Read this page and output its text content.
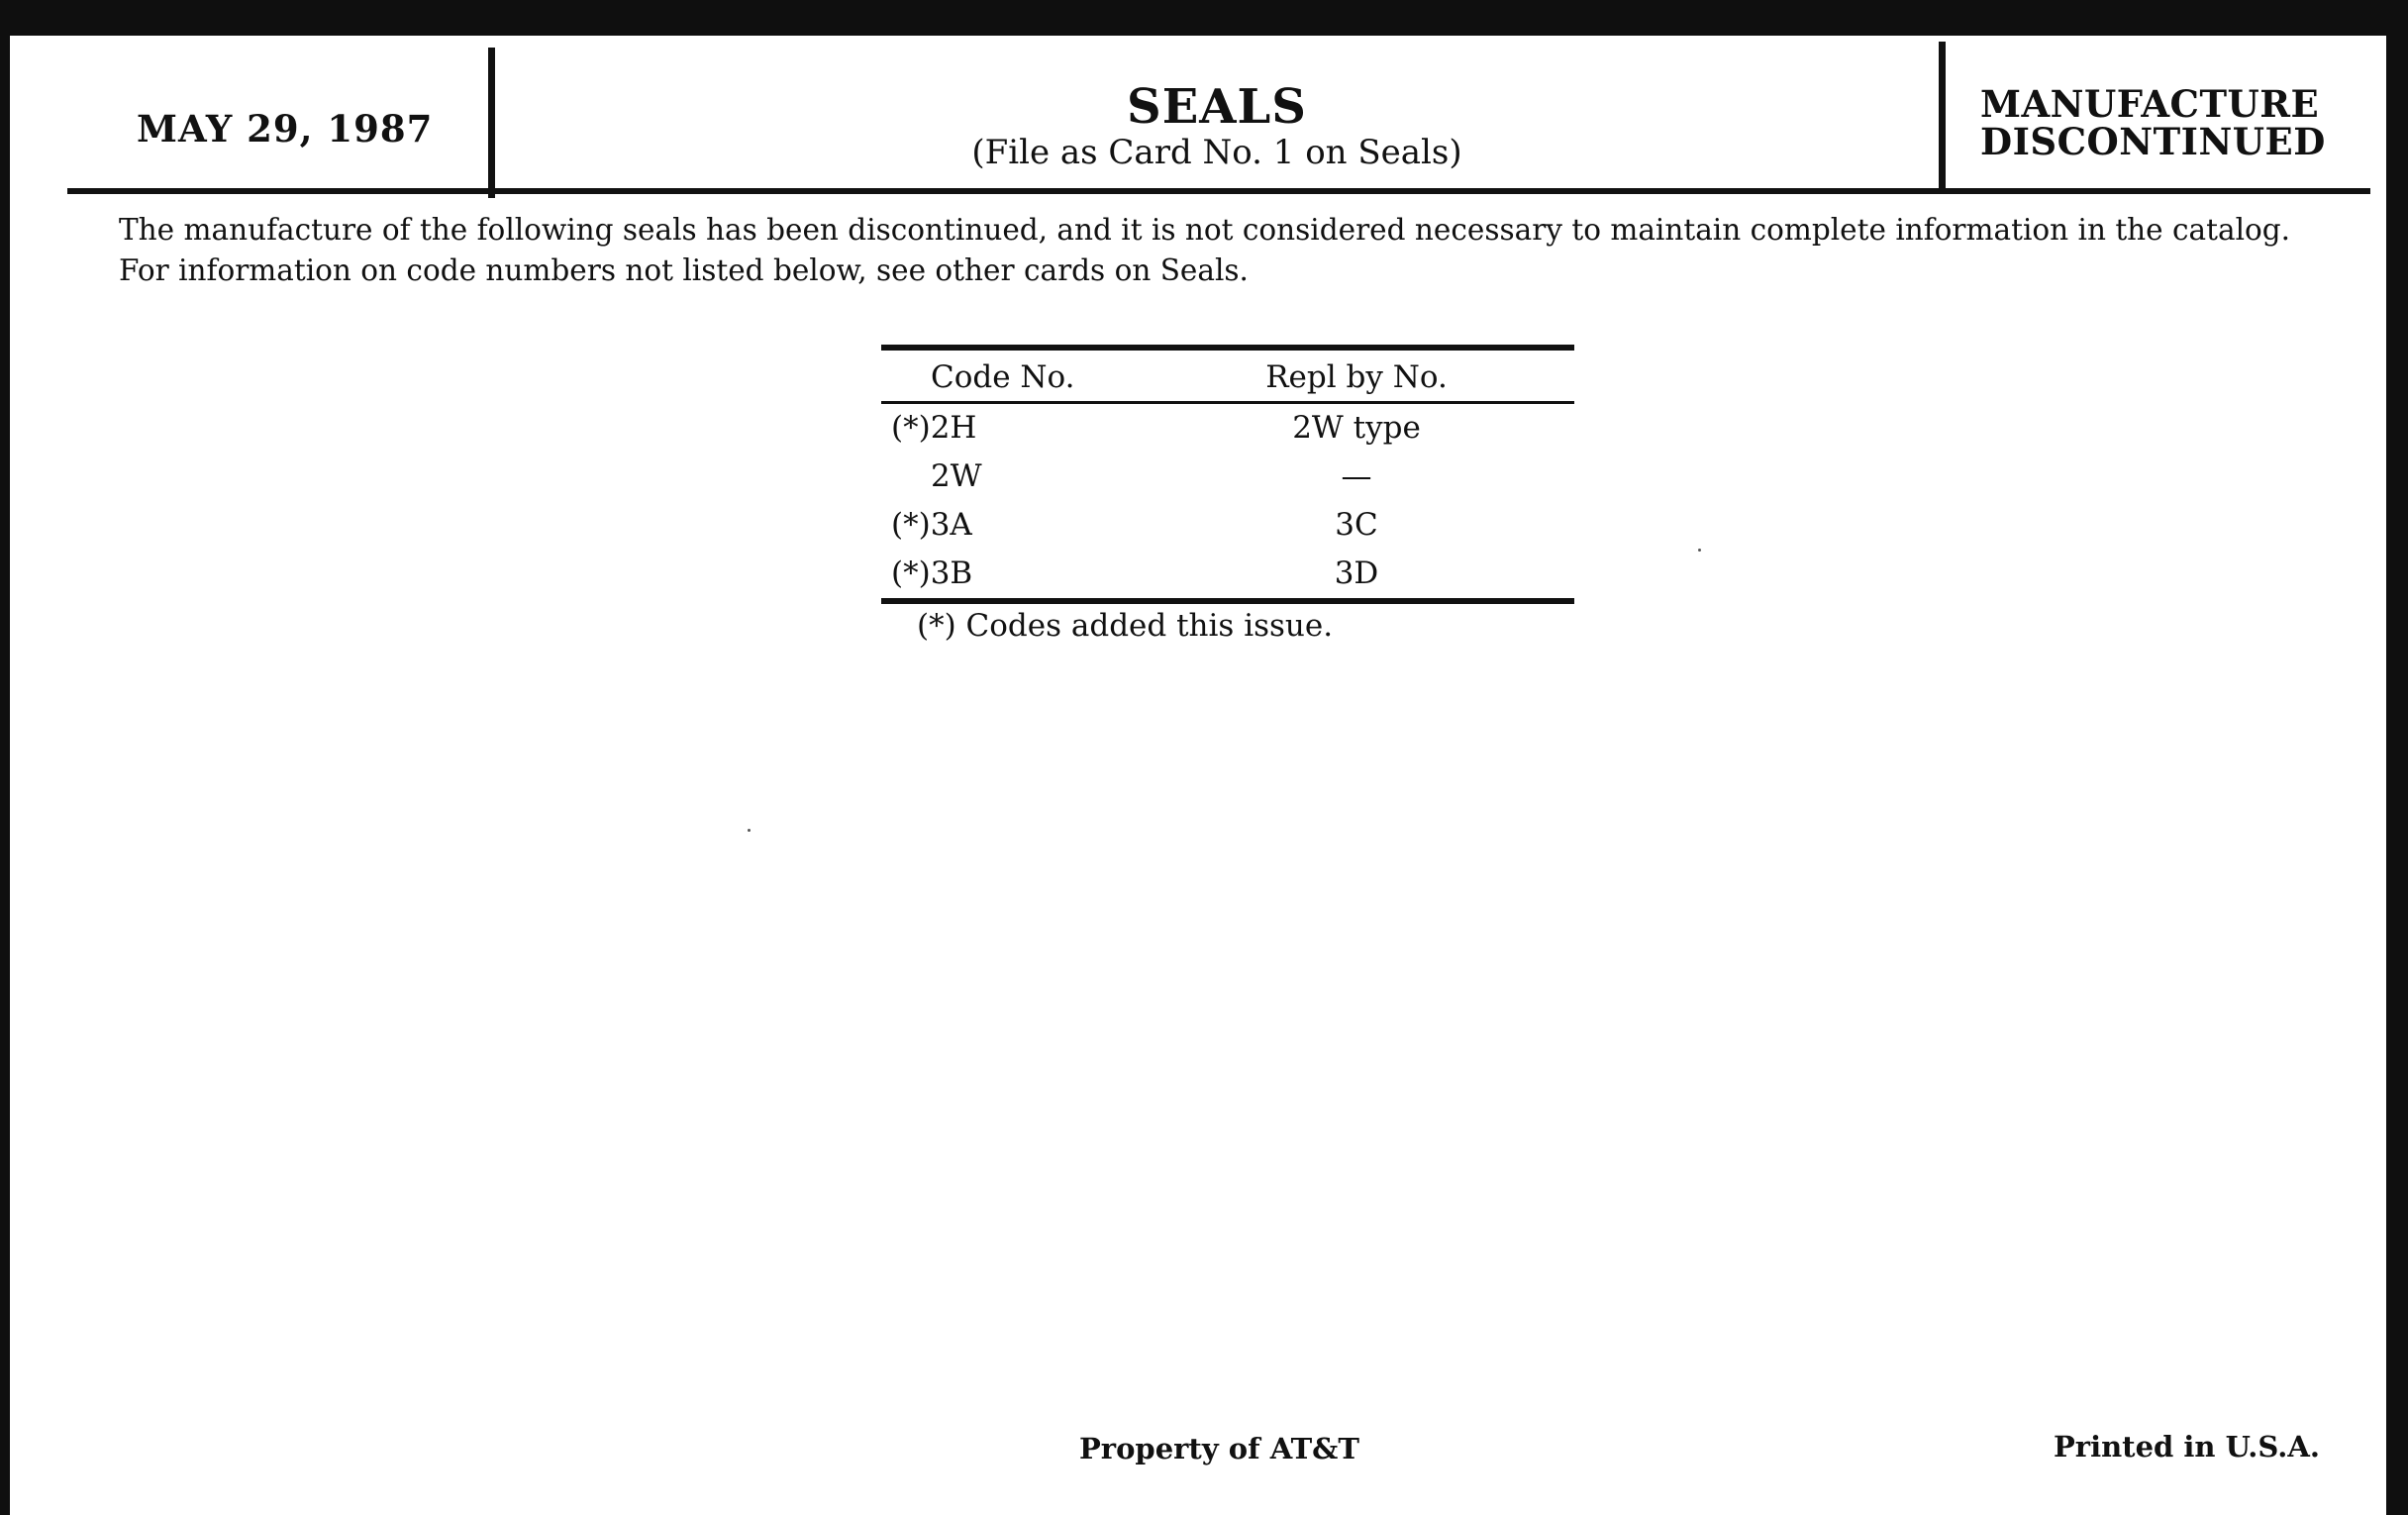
MAY 29, 1987	SEALS
(File as Card No. 1 on Seals)
MANUFACTURE
DISCONTINUED

The manufacture of the following seals has been discontinued, and it is not considered necessary to maintain complete information in the catalog.

For information on code numbers not listed below, see other cards on Seals.

Code No.	Repl by No.
(*)2H	2W type
2W	—
(*)3A	3C
(*)3B	3D
(*) Codes added this issue.
Property of AT&T	Printed in U.S.A.
